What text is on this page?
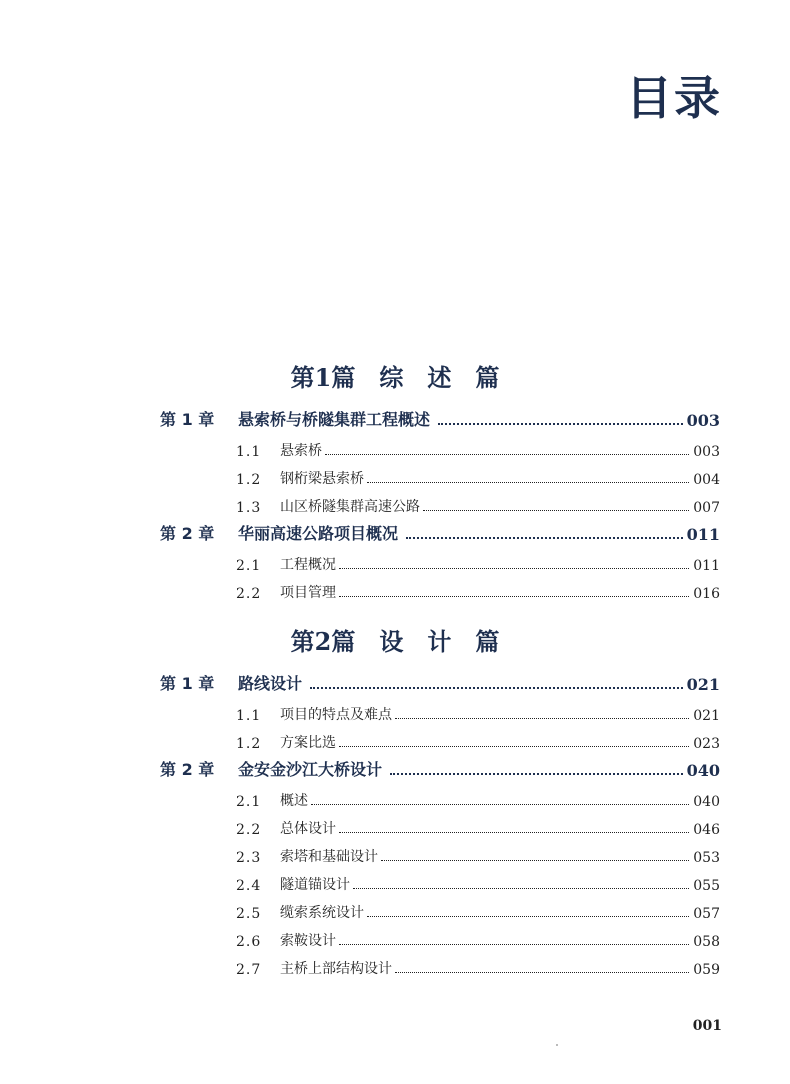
目录
第1篇　综　述　篇
第 1 章	悬索桥与桥隧集群工程概述	003
1.1	悬索桥	003
1.2	钢桁梁悬索桥	004
1.3	山区桥隧集群高速公路	007
第 2 章	华丽高速公路项目概况	011
2.1	工程概况	011
2.2	项目管理	016
第2篇　设　计　篇
第 1 章	路线设计	021
1.1	项目的特点及难点	021
1.2	方案比选	023
第 2 章	金安金沙江大桥设计	040
2.1	概述	040
2.2	总体设计	046
2.3	索塔和基础设计	053
2.4	隧道锚设计	055
2.5	缆索系统设计	057
2.6	索鞍设计	058
2.7	主桥上部结构设计	059

001
